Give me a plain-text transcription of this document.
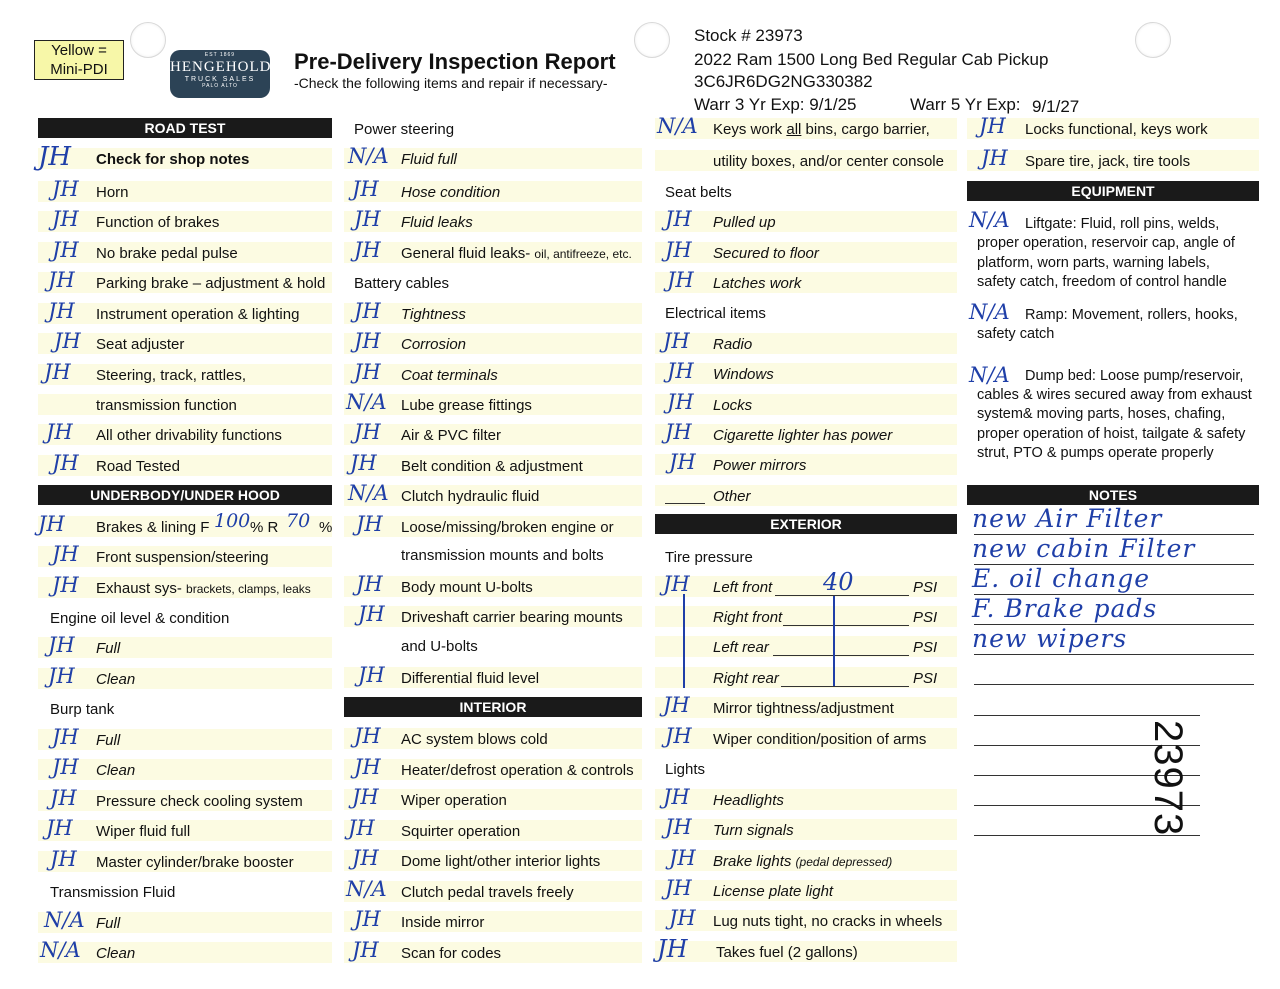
Yellow =
Mini-PDI
EST 1869
HENGEHOLD
TRUCK SALES
PALO ALTO
Pre-Delivery Inspection Report
-Check the following items and repair if necessary-
Stock # 23973
2022 Ram 1500 Long Bed Regular Cab Pickup
3C6JR6DG2NG330382
Warr 3 Yr Exp: 9/1/25	Warr 5 Yr Exp: 9/1/27
ROAD TEST
JH Check for shop notes
JH Horn
JH Function of brakes
JH No brake pedal pulse
JH Parking brake – adjustment & hold
JH Instrument operation & lighting
JH Seat adjuster
JH Steering, track, rattles,
transmission function
JH All other drivability functions
JH Road Tested
UNDERBODY/UNDER HOOD
JH Brakes & lining F 100 % R 70 %
JH Front suspension/steering
JH Exhaust sys- brackets, clamps, leaks
Engine oil level & condition
JH Full
JH Clean
Burp tank
JH Full
JH Clean
JH Pressure check cooling system
JH Wiper fluid full
JH Master cylinder/brake booster
Transmission Fluid
N/A Full
N/A Clean
Power steering
N/A Fluid full
JH Hose condition
JH Fluid leaks
JH General fluid leaks- oil, antifreeze, etc.
Battery cables
JH Tightness
JH Corrosion
JH Coat terminals
N/A Lube grease fittings
JH Air & PVC filter
JH Belt condition & adjustment
N/A Clutch hydraulic fluid
JH Loose/missing/broken engine or
transmission mounts and bolts
JH Body mount U-bolts
JH Driveshaft carrier bearing mounts
and U-bolts
JH Differential fluid level
INTERIOR
JH AC system blows cold
JH Heater/defrost operation & controls
JH Wiper operation
JH Squirter operation
JH Dome light/other interior lights
N/A Clutch pedal travels freely
JH Inside mirror
JH Scan for codes
N/A Keys work all bins, cargo barrier,
utility boxes, and/or center console
Seat belts
JH Pulled up
JH Secured to floor
JH Latches work
Electrical items
JH Radio
JH Windows
JH Locks
JH Cigarette lighter has power
JH Power mirrors
Other
EXTERIOR
Tire pressure
JH Left front 40	PSI
Right front	PSI
Left rear	PSI
Right rear	PSI
JH Mirror tightness/adjustment
JH Wiper condition/position of arms
Lights
JH Headlights
JH Turn signals
JH Brake lights (pedal depressed)
JH License plate light
JH Lug nuts tight, no cracks in wheels
JH Takes fuel (2 gallons)
JH Locks functional, keys work
JH Spare tire, jack, tire tools
EQUIPMENT
N/A Liftgate: Fluid, roll pins, welds,
proper operation, reservoir cap, angle of
platform, worn parts, warning labels,
safety catch, freedom of control handle
N/A Ramp: Movement, rollers, hooks,
safety catch
N/A Dump bed: Loose pump/reservoir,
cables & wires secured away from exhaust
system& moving parts, hoses, chafing,
proper operation of hoist, tailgate & safety
strut, PTO & pumps operate properly
NOTES
new Air Filter
new cabin Filter
E. oil change
F. Brake pads
new wipers
23973
